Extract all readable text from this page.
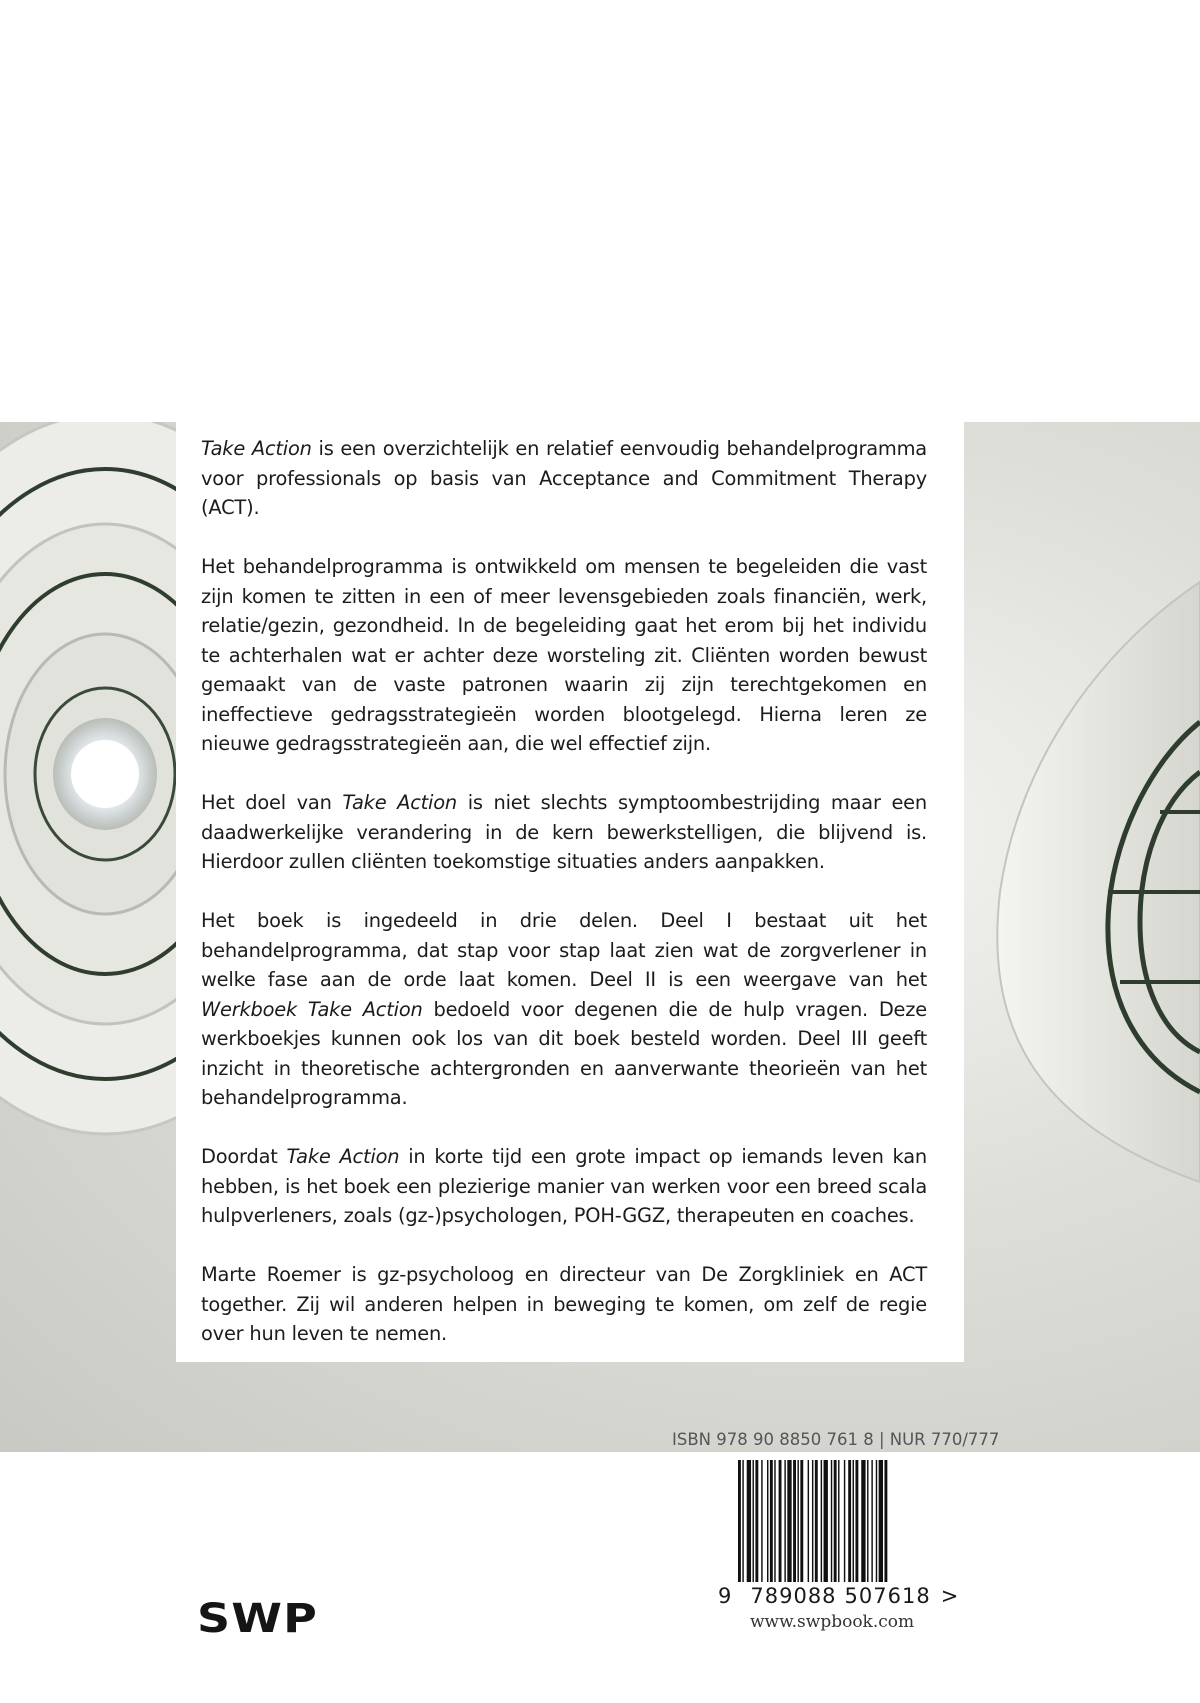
Take Action is een overzichtelijk en relatief eenvoudig behandelprogramma voor professionals op basis van Acceptance and Commitment Therapy (ACT).

Het behandelprogramma is ontwikkeld om mensen te begeleiden die vast zijn komen te zitten in een of meer levensgebieden zoals financiën, werk, relatie/gezin, gezondheid. In de begeleiding gaat het erom bij het individu te achterhalen wat er achter deze worsteling zit. Cliënten worden bewust gemaakt van de vaste patronen waarin zij zijn terechtgekomen en ineffectieve gedragsstrategieën worden blootgelegd. Hierna leren ze nieuwe gedragsstrategieën aan, die wel effectief zijn.

Het doel van Take Action is niet slechts symptoombestrijding maar een daadwerkelijke verandering in de kern bewerkstelligen, die blijvend is. Hierdoor zullen cliënten toekomstige situaties anders aanpakken.

Het boek is ingedeeld in drie delen. Deel I bestaat uit het behandelprogramma, dat stap voor stap laat zien wat de zorgverlener in welke fase aan de orde laat komen. Deel II is een weergave van het Werkboek Take Action bedoeld voor degenen die de hulp vragen. Deze werkboekjes kunnen ook los van dit boek besteld worden. Deel III geeft inzicht in theoretische achtergronden en aanverwante theorieën van het behandelprogramma.

Doordat Take Action in korte tijd een grote impact op iemands leven kan hebben, is het boek een plezierige manier van werken voor een breed scala hulpverleners, zoals (gz-)psychologen, POH-GGZ, therapeuten en coaches.

Marte Roemer is gz-psycholoog en directeur van De Zorgkliniek en ACT together. Zij wil anderen helpen in beweging te komen, om zelf de regie over hun leven te nemen.

ISBN 978 90 8850 761 8 | NUR 770/777
9 789088 507618 >
www.swpbook.com
SWP
